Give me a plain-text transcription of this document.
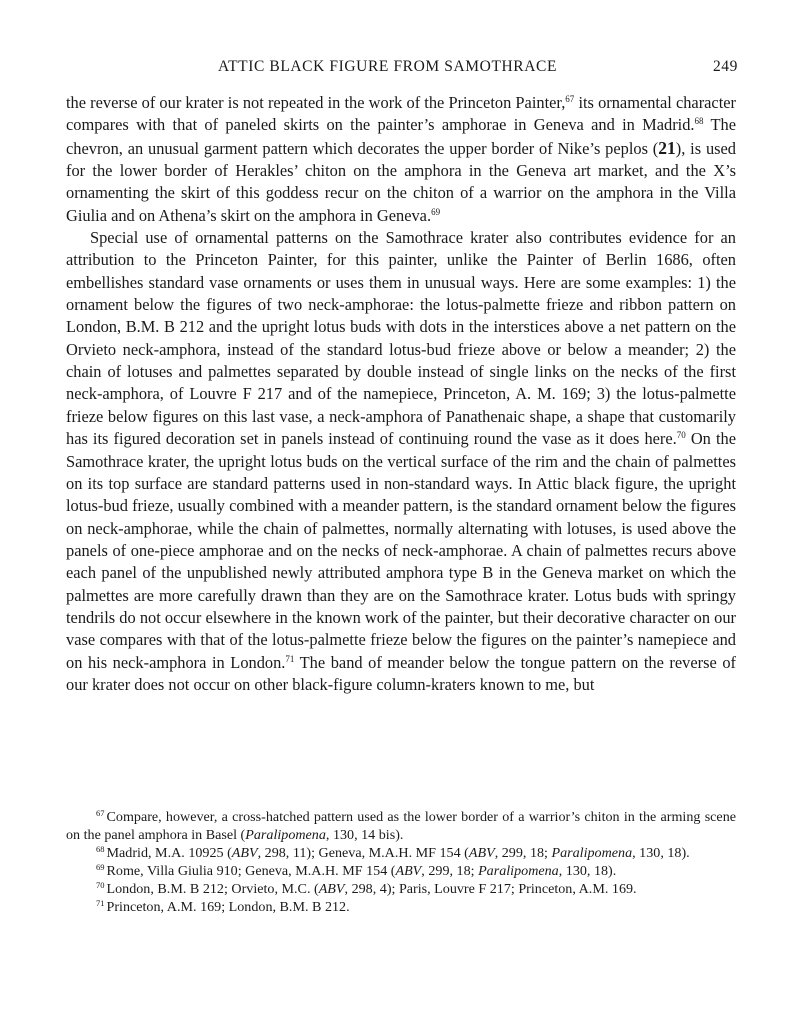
ATTIC BLACK FIGURE FROM SAMOTHRACE	249

the reverse of our krater is not repeated in the work of the Princeton Painter,$^{67}$ its ornamental character compares with that of paneled skirts on the painter’s amphorae in Geneva and in Madrid.$^{68}$ The chevron, an unusual garment pattern which decorates the upper border of Nike’s peplos (21), is used for the lower border of Herakles’ chiton on the amphora in the Geneva art market, and the X’s ornamenting the skirt of this goddess recur on the chiton of a warrior on the amphora in the Villa Giulia and on Athena’s skirt on the amphora in Geneva.$^{69}$

Special use of ornamental patterns on the Samothrace krater also contributes evidence for an attribution to the Princeton Painter, for this painter, unlike the Painter of Berlin 1686, often embellishes standard vase ornaments or uses them in unusual ways. Here are some examples: 1) the ornament below the figures of two neck-amphorae: the lotus-palmette frieze and ribbon pattern on London, B.M. B 212 and the upright lotus buds with dots in the interstices above a net pattern on the Orvieto neck-amphora, instead of the standard lotus-bud frieze above or below a meander; 2) the chain of lotuses and palmettes separated by double instead of single links on the necks of the first neck-amphora, of Louvre F 217 and of the namepiece, Princeton, A. M. 169; 3) the lotus-palmette frieze below figures on this last vase, a neck-amphora of Panathenaic shape, a shape that customarily has its figured decoration set in panels instead of continuing round the vase as it does here.$^{70}$ On the Samothrace krater, the upright lotus buds on the vertical surface of the rim and the chain of palmettes on its top surface are standard patterns used in non-standard ways. In Attic black figure, the upright lotus-bud frieze, usually combined with a meander pattern, is the standard ornament below the figures on neck-amphorae, while the chain of palmettes, normally alternating with lotuses, is used above the panels of one-piece amphorae and on the necks of neck-amphorae. A chain of palmettes recurs above each panel of the unpublished newly attributed amphora type B in the Geneva market on which the palmettes are more carefully drawn than they are on the Samothrace krater. Lotus buds with springy tendrils do not occur elsewhere in the known work of the painter, but their decorative character on our vase compares with that of the lotus-palmette frieze below the figures on the painter’s namepiece and on his neck-amphora in London.$^{71}$ The band of meander below the tongue pattern on the reverse of our krater does not occur on other black-figure column-kraters known to me, but

$^{67}$ Compare, however, a cross-hatched pattern used as the lower border of a warrior’s chiton in the arming scene on the panel amphora in Basel (Paralipomena, 130, 14 bis).

$^{68}$ Madrid, M.A. 10925 (ABV, 298, 11); Geneva, M.A.H. MF 154 (ABV, 299, 18; Paralipomena, 130, 18).

$^{69}$ Rome, Villa Giulia 910; Geneva, M.A.H. MF 154 (ABV, 299, 18; Paralipomena, 130, 18).

$^{70}$ London, B.M. B 212; Orvieto, M.C. (ABV, 298, 4); Paris, Louvre F 217; Princeton, A.M. 169.

$^{71}$ Princeton, A.M. 169; London, B.M. B 212.
